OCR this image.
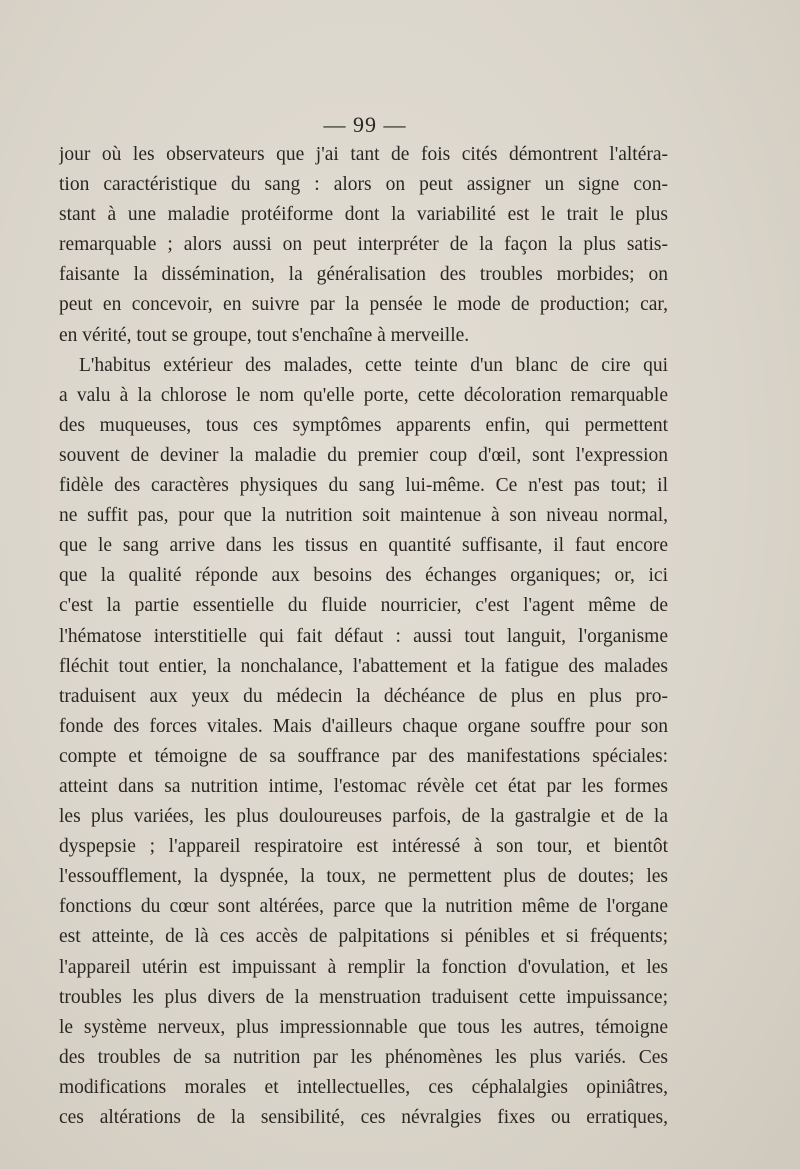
— 99 —
jour où les observateurs que j'ai tant de fois cités démontrent l'altéra-
tion caractéristique du sang : alors on peut assigner un signe con-
stant à une maladie protéiforme dont la variabilité est le trait le plus
remarquable ; alors aussi on peut interpréter de la façon la plus satis-
faisante la dissémination, la généralisation des troubles morbides; on
peut en concevoir, en suivre par la pensée le mode de production; car,
en vérité, tout se groupe, tout s'enchaîne à merveille.
L'habitus extérieur des malades, cette teinte d'un blanc de cire qui
a valu à la chlorose le nom qu'elle porte, cette décoloration remarquable
des muqueuses, tous ces symptômes apparents enfin, qui permettent
souvent de deviner la maladie du premier coup d'œil, sont l'expression
fidèle des caractères physiques du sang lui-même. Ce n'est pas tout; il
ne suffit pas, pour que la nutrition soit maintenue à son niveau normal,
que le sang arrive dans les tissus en quantité suffisante, il faut encore
que la qualité réponde aux besoins des échanges organiques; or, ici
c'est la partie essentielle du fluide nourricier, c'est l'agent même de
l'hématose interstitielle qui fait défaut : aussi tout languit, l'organisme
fléchit tout entier, la nonchalance, l'abattement et la fatigue des malades
traduisent aux yeux du médecin la déchéance de plus en plus pro-
fonde des forces vitales. Mais d'ailleurs chaque organe souffre pour son
compte et témoigne de sa souffrance par des manifestations spéciales:
atteint dans sa nutrition intime, l'estomac révèle cet état par les formes
les plus variées, les plus douloureuses parfois, de la gastralgie et de la
dyspepsie ; l'appareil respiratoire est intéressé à son tour, et bientôt
l'essoufflement, la dyspnée, la toux, ne permettent plus de doutes; les
fonctions du cœur sont altérées, parce que la nutrition même de l'organe
est atteinte, de là ces accès de palpitations si pénibles et si fréquents;
l'appareil utérin est impuissant à remplir la fonction d'ovulation, et les
troubles les plus divers de la menstruation traduisent cette impuissance;
le système nerveux, plus impressionnable que tous les autres, témoigne
des troubles de sa nutrition par les phénomènes les plus variés. Ces
modifications morales et intellectuelles, ces céphalalgies opiniâtres,
ces altérations de la sensibilité, ces névralgies fixes ou erratiques,
